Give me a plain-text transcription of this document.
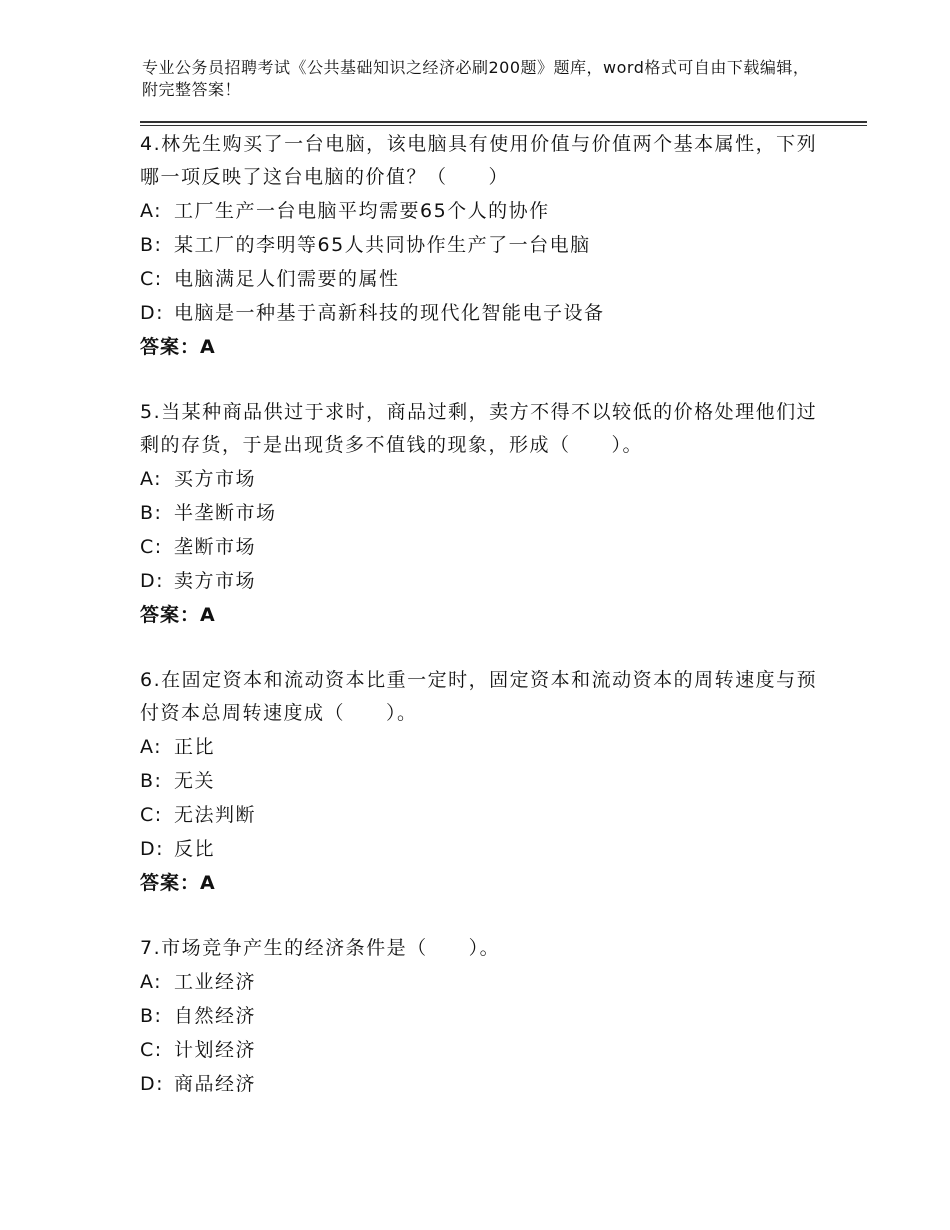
专业公务员招聘考试《公共基础知识之经济必刷200题》题库，word格式可自由下载编辑，附完整答案！
4.林先生购买了一台电脑，该电脑具有使用价值与价值两个基本属性，下列哪一项反映了这台电脑的价值？（　　）
A: 工厂生产一台电脑平均需要65个人的协作
B: 某工厂的李明等65人共同协作生产了一台电脑
C: 电脑满足人们需要的属性
D: 电脑是一种基于高新科技的现代化智能电子设备
答案：A
5.当某种商品供过于求时，商品过剩，卖方不得不以较低的价格处理他们过剩的存货，于是出现货多不值钱的现象，形成（　　）。
A: 买方市场
B: 半垄断市场
C: 垄断市场
D: 卖方市场
答案：A
6.在固定资本和流动资本比重一定时，固定资本和流动资本的周转速度与预付资本总周转速度成（　　）。
A: 正比
B: 无关
C: 无法判断
D: 反比
答案：A
7.市场竞争产生的经济条件是（　　）。
A: 工业经济
B: 自然经济
C: 计划经济
D: 商品经济
